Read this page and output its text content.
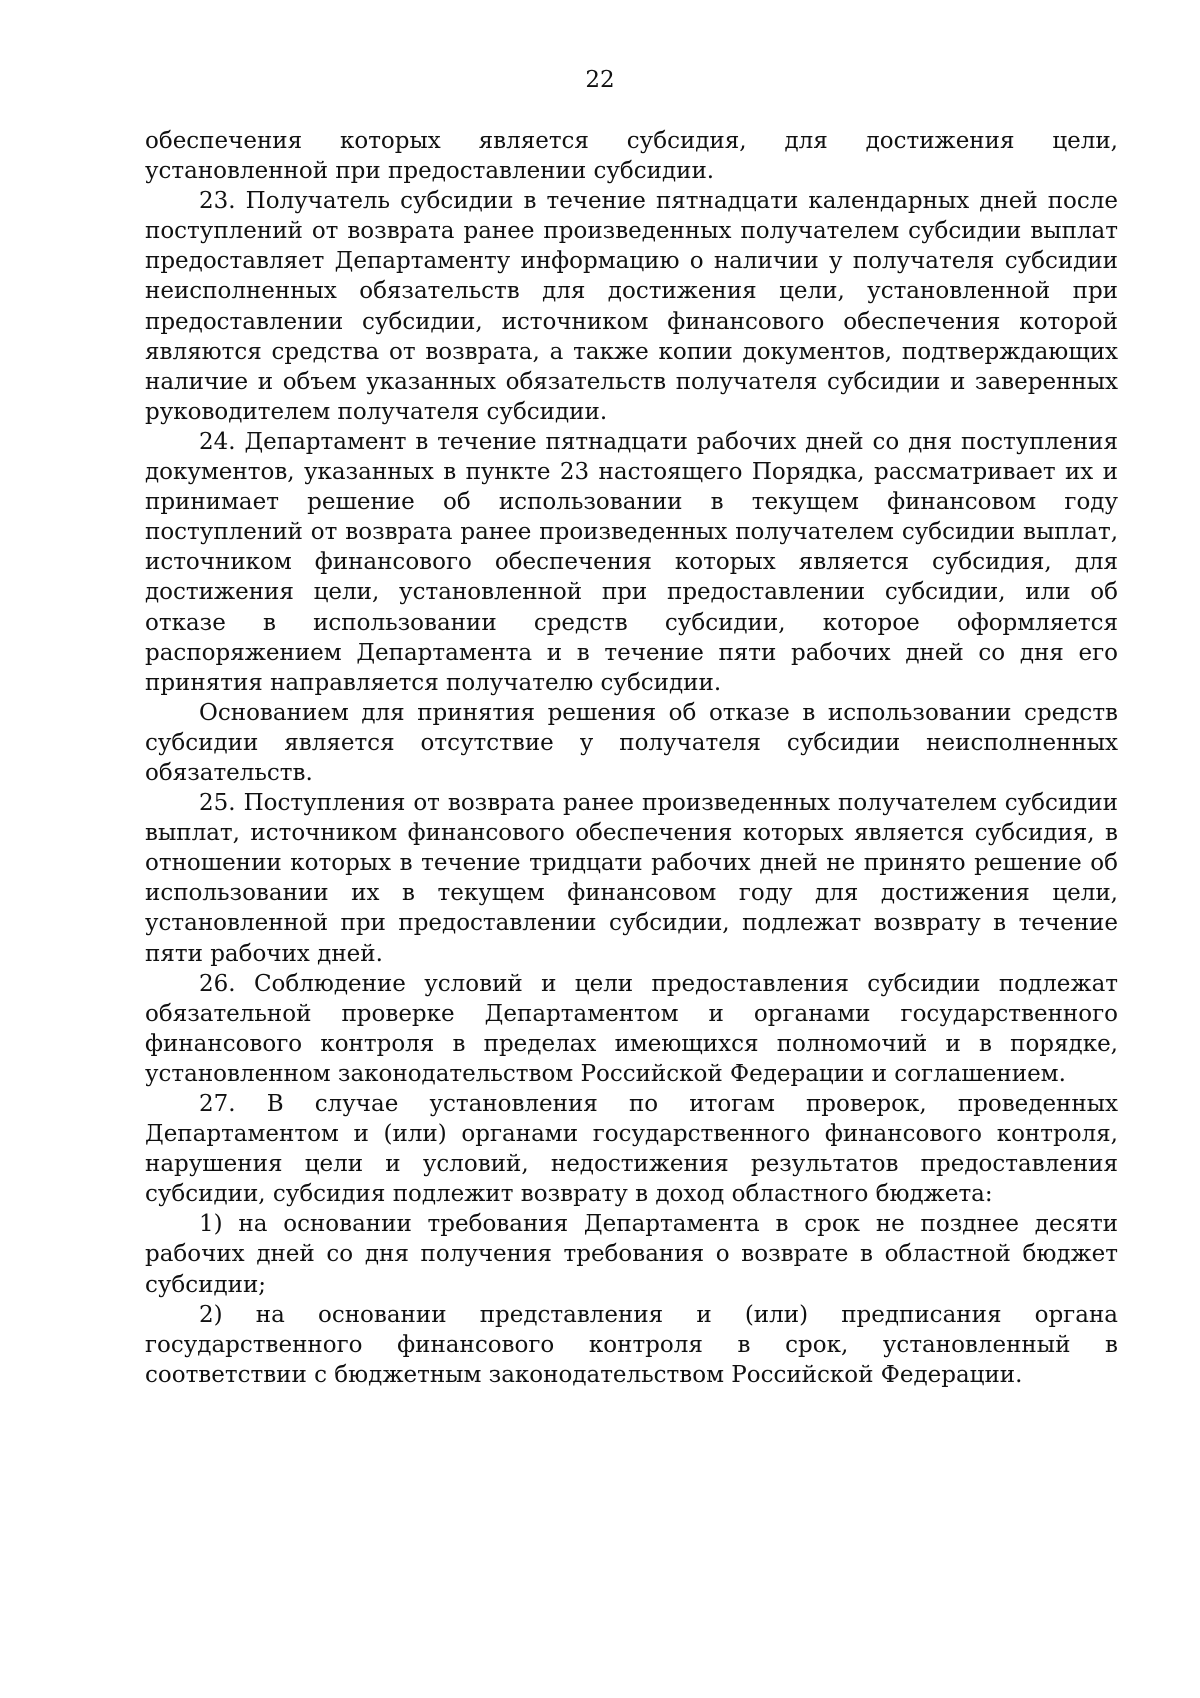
22

обеспечения которых является субсидия, для достижения цели, установленной при предоставлении субсидии.

23. Получатель субсидии в течение пятнадцати календарных дней после поступлений от возврата ранее произведенных получателем субсидии выплат предоставляет Департаменту информацию о наличии у получателя субсидии неисполненных обязательств для достижения цели, установленной при предоставлении субсидии, источником финансового обеспечения которой являются средства от возврата, а также копии документов, подтверждающих наличие и объем указанных обязательств получателя субсидии и заверенных руководителем получателя субсидии.

24. Департамент в течение пятнадцати рабочих дней со дня поступления документов, указанных в пункте 23 настоящего Порядка, рассматривает их и принимает решение об использовании в текущем финансовом году поступлений от возврата ранее произведенных получателем субсидии выплат, источником финансового обеспечения которых является субсидия, для достижения цели, установленной при предоставлении субсидии, или об отказе в использовании средств субсидии, которое оформляется распоряжением Департамента и в течение пяти рабочих дней со дня его принятия направляется получателю субсидии.

Основанием для принятия решения об отказе в использовании средств субсидии является отсутствие у получателя субсидии неисполненных обязательств.

25. Поступления от возврата ранее произведенных получателем субсидии выплат, источником финансового обеспечения которых является субсидия, в отношении которых в течение тридцати рабочих дней не принято решение об использовании их в текущем финансовом году для достижения цели, установленной при предоставлении субсидии, подлежат возврату в течение пяти рабочих дней.

26. Соблюдение условий и цели предоставления субсидии подлежат обязательной проверке Департаментом и органами государственного финансового контроля в пределах имеющихся полномочий и в порядке, установленном законодательством Российской Федерации и соглашением.

27. В случае установления по итогам проверок, проведенных Департаментом и (или) органами государственного финансового контроля, нарушения цели и условий, недостижения результатов предоставления субсидии, субсидия подлежит возврату в доход областного бюджета:

1) на основании требования Департамента в срок не позднее десяти рабочих дней со дня получения требования о возврате в областной бюджет субсидии;

2) на основании представления и (или) предписания органа государственного финансового контроля в срок, установленный в соответствии с бюджетным законодательством Российской Федерации.
